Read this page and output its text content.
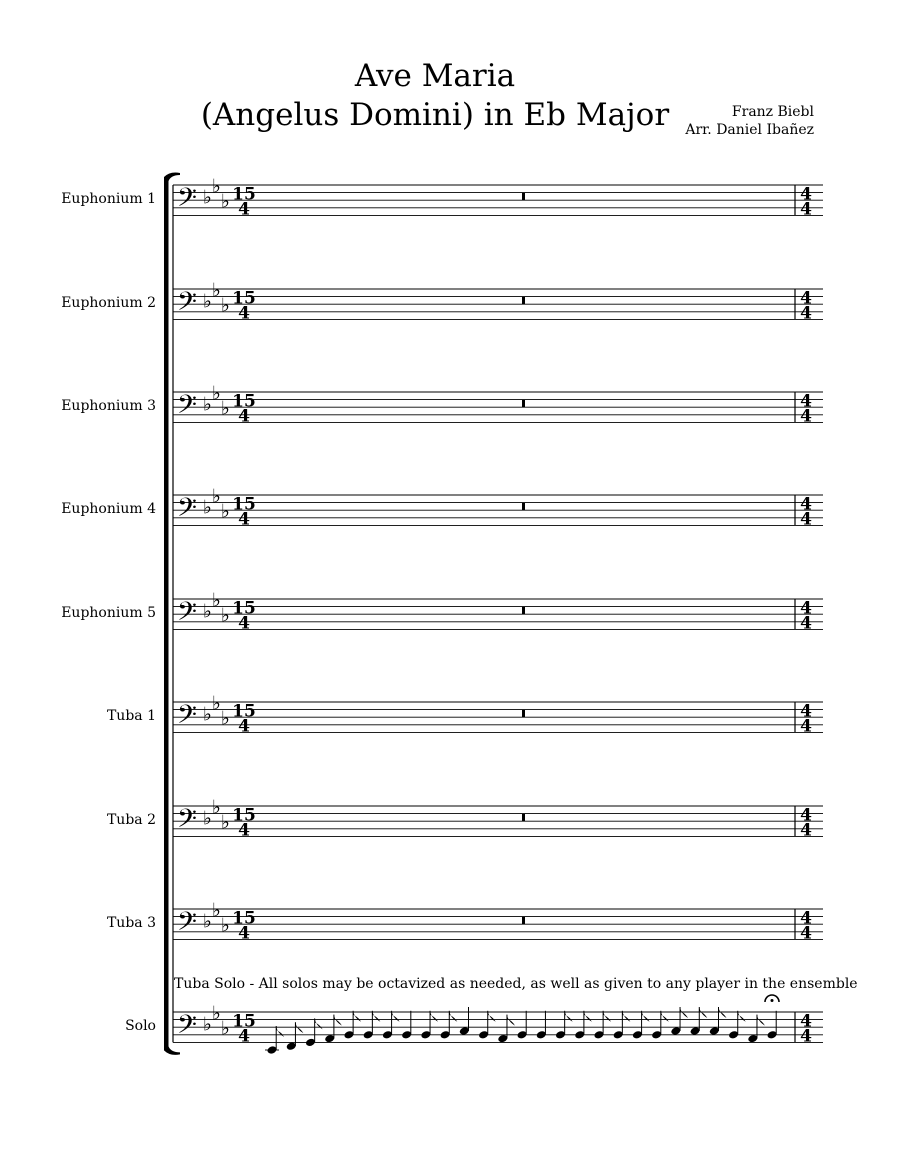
Ave Maria
(Angelus Domini) in Eb Major	Franz Biebl
Arr. Daniel Ibañez
Euphonium 1
Euphonium 2
Euphonium 3
Euphonium 4
Euphonium 5
Tuba 1
Tuba 2
Tuba 3
Solo
Tuba Solo - All solos may be octavized as needed, as well as given to any player in the ensemble
𝄢 ♭
♭
♭ 15
4
4
4
𝄢 ♭
♭
♭ 15
4
4
4
𝄢 ♭
♭
♭ 15
4
4
4
𝄢 ♭
♭
♭ 15
4
4
4
𝄢 ♭
♭
♭ 15
4
4
4
𝄢 ♭
♭
♭ 15
4
4
4
𝄢 ♭
♭
♭ 15
4
4
4
𝄢 ♭
♭
♭ 15
4
4
4
𝄢 ♭
♭
♭ 15
4
4
4
